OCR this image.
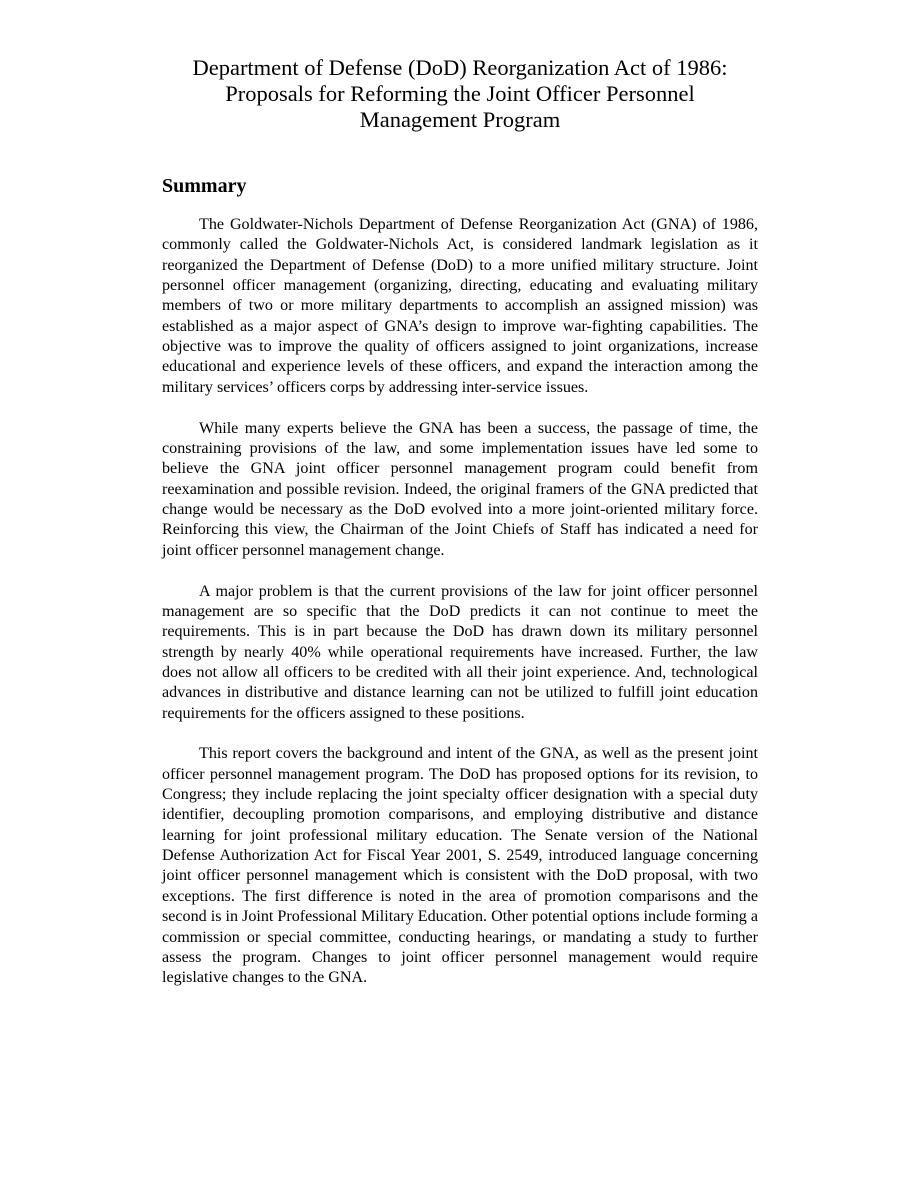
Department of Defense (DoD) Reorganization Act of 1986:
Proposals for Reforming the Joint Officer Personnel
Management Program
Summary

The Goldwater-Nichols Department of Defense Reorganization Act (GNA) of 1986, commonly called the Goldwater-Nichols Act, is considered landmark legislation as it reorganized the Department of Defense (DoD) to a more unified military structure. Joint personnel officer management (organizing, directing, educating and evaluating military members of two or more military departments to accomplish an assigned mission) was established as a major aspect of GNA’s design to improve war-fighting capabilities. The objective was to improve the quality of officers assigned to joint organizations, increase educational and experience levels of these officers, and expand the interaction among the military services’ officers corps by addressing inter-service issues.

While many experts believe the GNA has been a success, the passage of time, the constraining provisions of the law, and some implementation issues have led some to believe the GNA joint officer personnel management program could benefit from reexamination and possible revision. Indeed, the original framers of the GNA predicted that change would be necessary as the DoD evolved into a more joint-oriented military force. Reinforcing this view, the Chairman of the Joint Chiefs of Staff has indicated a need for joint officer personnel management change.

A major problem is that the current provisions of the law for joint officer personnel management are so specific that the DoD predicts it can not continue to meet the requirements. This is in part because the DoD has drawn down its military personnel strength by nearly 40% while operational requirements have increased. Further, the law does not allow all officers to be credited with all their joint experience. And, technological advances in distributive and distance learning can not be utilized to fulfill joint education requirements for the officers assigned to these positions.

This report covers the background and intent of the GNA, as well as the present joint officer personnel management program. The DoD has proposed options for its revision, to Congress; they include replacing the joint specialty officer designation with a special duty identifier, decoupling promotion comparisons, and employing distributive and distance learning for joint professional military education. The Senate version of the National Defense Authorization Act for Fiscal Year 2001, S. 2549, introduced language concerning joint officer personnel management which is consistent with the DoD proposal, with two exceptions. The first difference is noted in the area of promotion comparisons and the second is in Joint Professional Military Education. Other potential options include forming a commission or special committee, conducting hearings, or mandating a study to further assess the program. Changes to joint officer personnel management would require legislative changes to the GNA.
